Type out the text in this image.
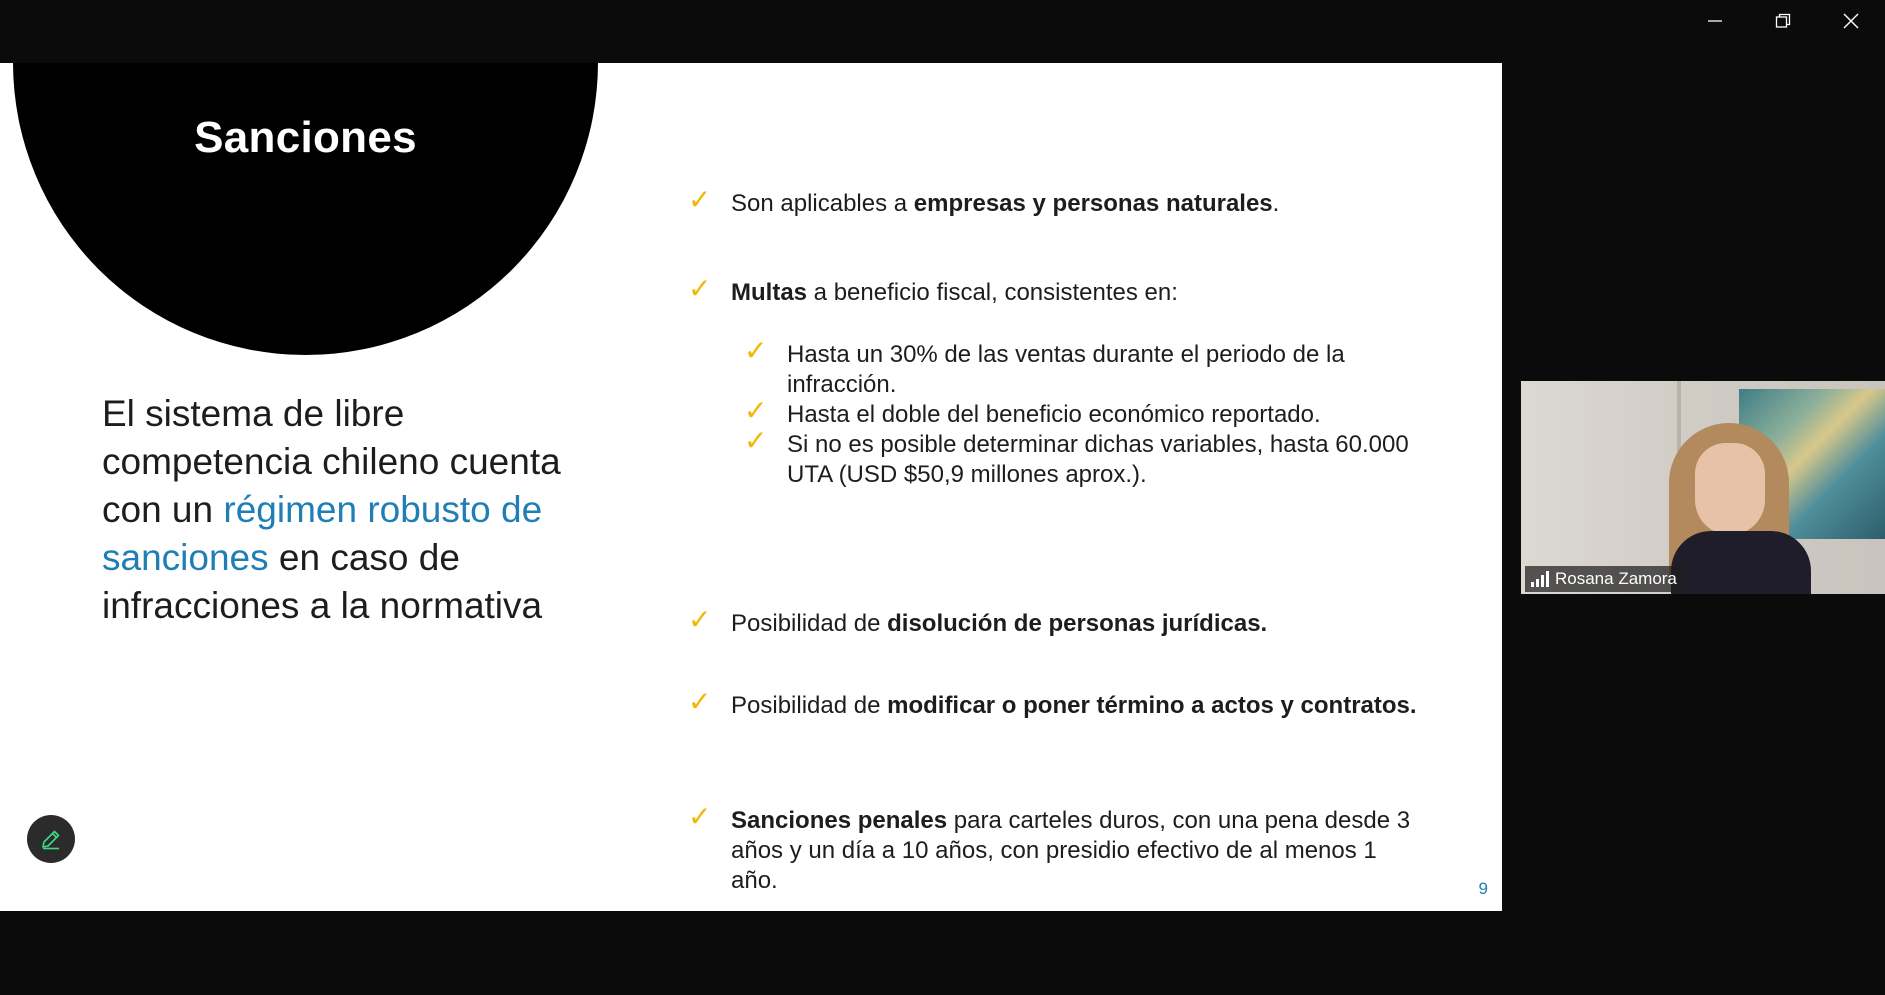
Sanciones
El sistema de libre competencia chileno cuenta con un régimen robusto de sanciones en caso de infracciones a la normativa
✓ Son aplicables a empresas y personas naturales.
✓ Multas a beneficio fiscal, consistentes en:
✓ Hasta un 30% de las ventas durante el periodo de la infracción.
✓ Hasta el doble del beneficio económico reportado.
✓ Si no es posible determinar dichas variables, hasta 60.000 UTA (USD $50,9 millones aprox.).
✓ Posibilidad de disolución de personas jurídicas.
✓ Posibilidad de modificar o poner término a actos y contratos.
✓ Sanciones penales para carteles duros, con una pena desde 3 años y un día a 10 años, con presidio efectivo de al menos 1 año.	9
Rosana Zamora
